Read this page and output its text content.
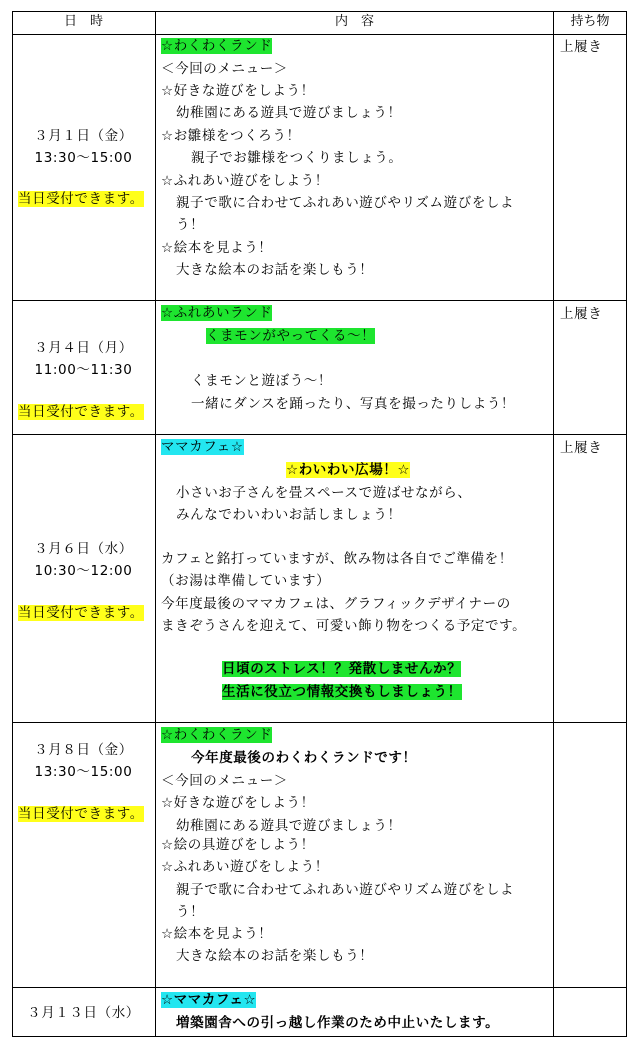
日　時	内　容	持ち物
３月１日（金）
13:30～15:00
当日受付できます。
上履き
☆わくわくランド
＜今回のメニュー＞
☆好きな遊びをしよう！
幼稚園にある遊具で遊びましょう！
☆お雛様をつくろう！
親子でお雛様をつくりましょう。
☆ふれあい遊びをしよう！
親子で歌に合わせてふれあい遊びやリズム遊びをしよ
う！
☆絵本を見よう！
大きな絵本のお話を楽しもう！
３月４日（月）
11:00～11:30
当日受付できます。
上履き
☆ふれあいランド
くまモンがやってくる～！
くまモンと遊ぼう～！
一緒にダンスを踊ったり、写真を撮ったりしよう！
３月６日（水）
10:30～12:00
当日受付できます。
上履き
ママカフェ☆
☆わいわい広場！☆
小さいお子さんを畳スペースで遊ばせながら、
みんなでわいわいお話しましょう！
カフェと銘打っていますが、飲み物は各自でご準備を！
（お湯は準備しています）
今年度最後のママカフェは、グラフィックデザイナーの
まきぞうさんを迎えて、可愛い飾り物をつくる予定です。
日頃のストレス！？発散しませんか？
生活に役立つ情報交換もしましょう！
３月８日（金）
13:30～15:00
当日受付できます。
☆わくわくランド
今年度最後のわくわくランドです！
＜今回のメニュー＞
☆好きな遊びをしよう！
幼稚園にある遊具で遊びましょう！
☆絵の具遊びをしよう！
☆ふれあい遊びをしよう！
親子で歌に合わせてふれあい遊びやリズム遊びをしよ
う！
☆絵本を見よう！
大きな絵本のお話を楽しもう！
３月１３日（水）
☆ママカフェ☆
増築園舎への引っ越し作業のため中止いたします。
